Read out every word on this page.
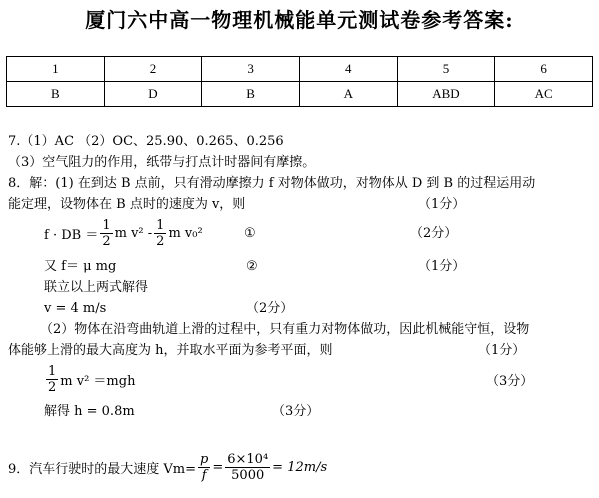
厦门六中高一物理机械能单元测试卷参考答案:
1	2	3	4	5	6
B	D	B	A	ABD	AC
7.（1）AC （2）OC、25.90、0.265、0.256
（3）空气阻力的作用，纸带与打点计时器间有摩擦。
8．解：(1) 在到达 B 点前，只有滑动摩擦力 f 对物体做功，对物体从 D 到 B 的过程运用动
能定理，设物体在 B 点时的速度为 v，则	（1分）
f · DB ＝ $\frac{1}{2}$ m $v^2 - \frac{1}{2}$ m v₀²	①	（2分）
又 f＝ μ mg	②	（1分）
联立以上两式解得
v = 4 m/s	（2分）
（2）物体在沿弯曲轨道上滑的过程中，只有重力对物体做功，因此机械能守恒，设物
体能够上滑的最大高度为 h，并取水平面为参考平面，则	（1分）
$\frac{1}{2}$ m v² ＝mgh	（3分）
解得 h = 0.8m	（3分）
9．汽车行驶时的最大速度 $Vm= \frac{p}{f} = \frac{\text{6×10⁴}}{5000} = 12m/s$
